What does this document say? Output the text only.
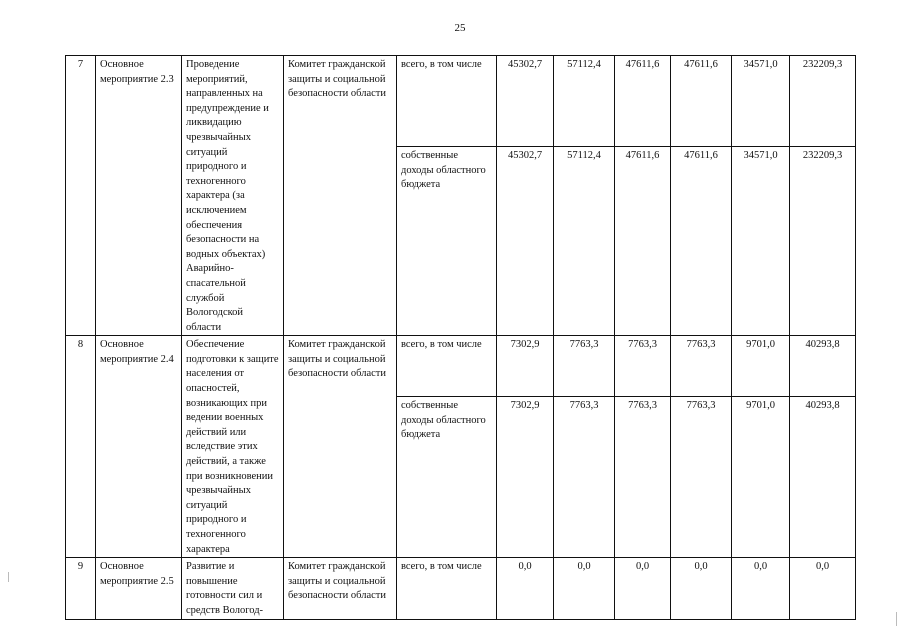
25
7	Основное мероприятие 2.3	Проведение мероприятий, направленных на предупреждение и ликвидацию чрезвычайных ситуаций природного и техногенного характера (за исключением обеспечения безопасности на водных объектах) Аварийно-спасательной службой Вологодской области	Комитет гражданской защиты и социальной безопасности области	всего, в том числе	45302,7	57112,4	47611,6	47611,6	34571,0	232209,3
				собственные доходы областного бюджета	45302,7	57112,4	47611,6	47611,6	34571,0	232209,3
8	Основное мероприятие 2.4	Обеспечение подготовки к защите населения от опасностей, возникающих при ведении военных действий или вследствие этих действий, а также при возникновении чрезвычайных ситуаций природного и техногенного характера	Комитет гражданской защиты и социальной безопасности области	всего, в том числе	7302,9	7763,3	7763,3	7763,3	9701,0	40293,8
				собственные доходы областного бюджета	7302,9	7763,3	7763,3	7763,3	9701,0	40293,8
9	Основное мероприятие 2.5	Развитие и повышение готовности сил и средств Вологод-	Комитет гражданской защиты и социальной безопасности области	всего, в том числе	0,0	0,0	0,0	0,0	0,0	0,0
